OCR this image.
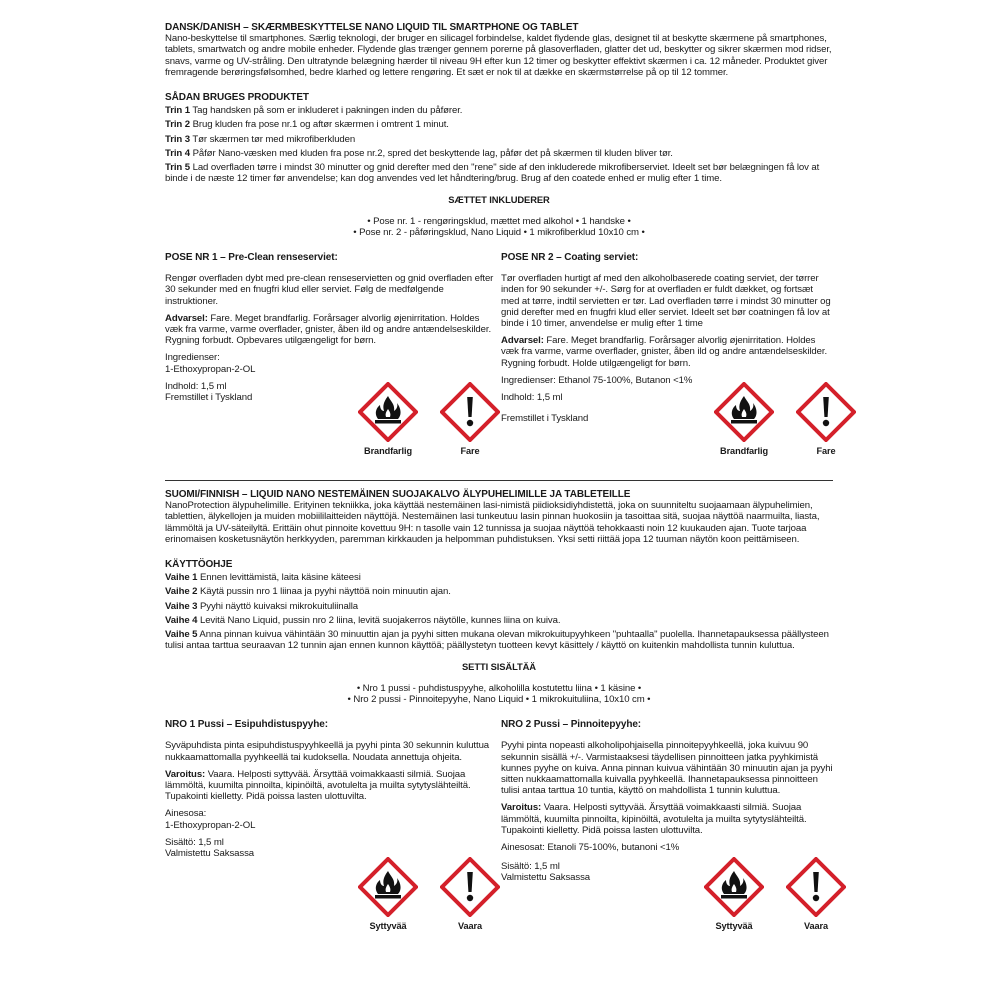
DANSK/DANISH – SKÆRMBESKYTTELSE NANO LIQUID TIL SMARTPHONE OG TABLET

Nano-beskyttelse til smartphones. Særlig teknologi, der bruger en silicagel forbindelse, kaldet flydende glas, designet til at beskytte skærmene på smartphones, tablets, smartwatch og andre mobile enheder. Flydende glas trænger gennem porerne på glasoverfladen, glatter det ud, beskytter og sikrer skærmen mod ridser, snavs, varme og UV-stråling. Den ultratynde belægning hærder til niveau 9H efter kun 12 timer og beskytter effektivt skærmen i ca. 12 måneder. Produktet giver fremragende berøringsfølsomhed, bedre klarhed og lettere rengøring. Et sæt er nok til at dække en skærmstørrelse på op til 12 tommer.

SÅDAN BRUGES PRODUKTET
Trin 1 Tag handsken på som er inkluderet i pakningen inden du påfører.
Trin 2 Brug kluden fra pose nr.1 og aftør skærmen i omtrent 1 minut.
Trin 3 Tør skærmen tør med mikrofiberkluden
Trin 4 Påfør Nano-væsken med kluden fra pose nr.2, spred det beskyttende lag, påfør det på skærmen til kluden bliver tør.
Trin 5 Lad overfladen tørre i mindst 30 minutter og gnid derefter med den "rene" side af den inkluderede mikrofiberserviet. Ideelt set bør belægningen få lov at binde i de næste 12 timer før anvendelse; kan dog anvendes ved let håndtering/brug. Brug af den coatede enhed er mulig efter 1 time.
SÆTTET INKLUDERER

• Pose nr. 1 - rengøringsklud, mættet med alkohol • 1 handske •

• Pose nr. 2 - påføringsklud, Nano Liquid • 1 mikrofiberklud 10x10 cm •

POSE NR 1 – Pre-Clean renseserviet:

Rengør overfladen dybt med pre-clean renseservietten og gnid overfladen efter 30 sekunder med en fnugfri klud eller serviet. Følg de medfølgende instruktioner.

Advarsel: Fare. Meget brandfarlig. Forårsager alvorlig øjenirritation. Holdes væk fra varme, varme overflader, gnister, åben ild og andre antændelseskilder. Rygning forbudt. Opbevares utilgængeligt for børn.

Ingredienser:

1-Ethoxypropan-2-OL

Indhold: 1,5 ml

Fremstillet i Tyskland

Brandfarlig	Fare
POSE NR 2 – Coating serviet:

Tør overfladen hurtigt af med den alkoholbaserede coating serviet, der tørrer inden for 90 sekunder +/-. Sørg for at overfladen er fuldt dækket, og fortsæt med at tørre, indtil servietten er tør. Lad overfladen tørre i mindst 30 minutter og gnid derefter med en fnugfri klud eller serviet. Ideelt set bør coatningen få lov at binde i 10 timer, anvendelse er mulig efter 1 time

Advarsel: Fare. Meget brandfarlig. Forårsager alvorlig øjenirritation. Holdes væk fra varme, varme overflader, gnister, åben ild og andre antændelseskilder. Rygning forbudt. Holde utilgængeligt for børn.

Ingredienser: Ethanol 75-100%, Butanon <1%

Indhold: 1,5 ml

Fremstillet i Tyskland

Brandfarlig	Fare
SUOMI/FINNISH – LIQUID NANO NESTEMÄINEN SUOJAKALVO ÄLYPUHELIMILLE JA TABLETEILLE

NanoProtection älypuhelimille. Erityinen tekniikka, joka käyttää nestemäinen lasi-nimistä piidioksidiyhdistettä, joka on suunniteltu suojaamaan älypuhelimien, tablettien, älykellojen ja muiden mobiililaitteiden näyttöjä. Nestemäinen lasi tunkeutuu lasin pinnan huokosiin ja tasoittaa sitä, suojaa näyttöä naarmuilta, liasta, lämmöltä ja UV-säteilyltä. Erittäin ohut pinnoite kovettuu 9H: n tasolle vain 12 tunnissa ja suojaa näyttöä tehokkaasti noin 12 kuukauden ajan. Tuote tarjoaa erinomaisen kosketusnäytön herkkyyden, paremman kirkkauden ja helpomman puhdistuksen. Yksi setti riittää jopa 12 tuuman näytön koon peittämiseen.

KÄYTTÖOHJE
Vaihe 1 Ennen levittämistä, laita käsine käteesi
Vaihe 2 Käytä pussin nro 1 liinaa ja pyyhi näyttöä noin minuutin ajan.
Vaihe 3 Pyyhi näyttö kuivaksi mikrokuituliinalla
Vaihe 4 Levitä Nano Liquid, pussin nro 2 liina, levitä suojakerros näytölle, kunnes liina on kuiva.
Vaihe 5 Anna pinnan kuivua vähintään 30 minuuttin ajan ja pyyhi sitten mukana olevan mikrokuitupyyhkeen "puhtaalla" puolella. Ihannetapauksessa päällysteen tulisi antaa tarttua seuraavan 12 tunnin ajan ennen kunnon käyttöä; päällystetyn tuotteen kevyt käsittely / käyttö on kuitenkin mahdollista tunnin kuluttua.
SETTI SISÄLTÄÄ

• Nro 1 pussi - puhdistuspyyhe, alkoholilla kostutettu liina • 1 käsine •

• Nro 2 pussi - Pinnoitepyyhe, Nano Liquid • 1 mikrokuituliina, 10x10 cm •

NRO 1 Pussi – Esipuhdistuspyyhe:

Syväpuhdista pinta esipuhdistuspyyhkeellä ja pyyhi pinta 30 sekunnin kuluttua nukkaamattomalla pyyhkeellä tai kudoksella. Noudata annettuja ohjeita.

Varoitus: Vaara. Helposti syttyvää. Ärsyttää voimakkaasti silmiä. Suojaa lämmöltä, kuumilta pinnoilta, kipinöiltä, avotulelta ja muilta sytytyslähteiltä. Tupakointi kielletty. Pidä poissa lasten ulottuvilta.

Ainesosa:

1-Ethoxypropan-2-OL

Sisältö: 1,5 ml

Valmistettu Saksassa

Syttyvää	Vaara
NRO 2 Pussi – Pinnoitepyyhe:

Pyyhi pinta nopeasti alkoholipohjaisella pinnoitepyyhkeellä, joka kuivuu 90 sekunnin sisällä +/-. Varmistaaksesi täydellisen pinnoitteen jatka pyyhkimistä kunnes pyyhe on kuiva. Anna pinnan kuivua vähintään 30 minuutin ajan ja pyyhi sitten nukkaamattomalla kuivalla pyyhkeellä. Ihannetapauksessa pinnoitteen tulisi antaa tarttua 10 tuntia, käyttö on mahdollista 1 tunnin kuluttua.

Varoitus: Vaara. Helposti syttyvää. Ärsyttää voimakkaasti silmiä. Suojaa lämmöltä, kuumilta pinnoilta, kipinöiltä, avotulelta ja muilta sytytyslähteiltä. Tupakointi kielletty. Pidä poissa lasten ulottuvilta.

Ainesosat: Etanoli 75-100%, butanoni <1%

Sisältö: 1,5 ml

Valmistettu Saksassa

Syttyvää	Vaara
